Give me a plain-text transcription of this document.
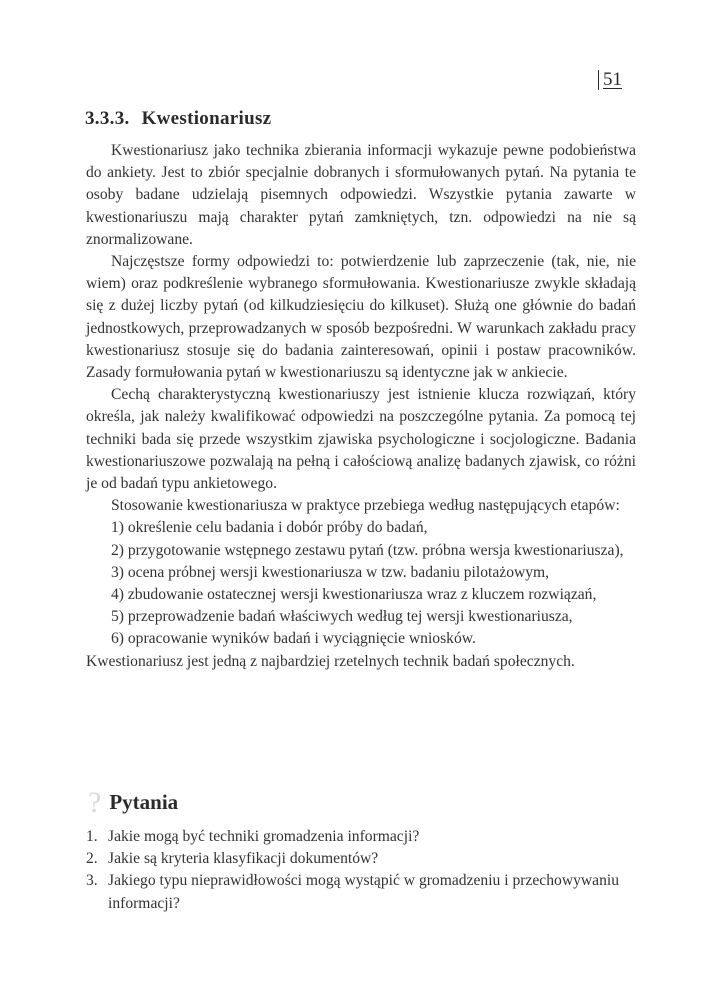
51
3.3.3. Kwestionariusz

Kwestionariusz jako technika zbierania informacji wykazuje pewne podobieństwa do ankiety. Jest to zbiór specjalnie dobranych i sformułowanych pytań. Na pytania te osoby badane udzielają pisemnych odpowiedzi. Wszystkie pytania zawarte w kwestionariuszu mają charakter pytań zamkniętych, tzn. odpowiedzi na nie są znormalizowane.

Najczęstsze formy odpowiedzi to: potwierdzenie lub zaprzeczenie (tak, nie, nie wiem) oraz podkreślenie wybranego sformułowania. Kwestionariusze zwykle składają się z dużej liczby pytań (od kilkudziesięciu do kilkuset). Służą one głównie do badań jednostkowych, przeprowadzanych w sposób bezpośredni. W warunkach zakładu pracy kwestionariusz stosuje się do badania zainteresowań, opinii i postaw pracowników. Zasady formułowania pytań w kwestionariuszu są identyczne jak w ankiecie.

Cechą charakterystyczną kwestionariuszy jest istnienie klucza rozwiązań, który określa, jak należy kwalifikować odpowiedzi na poszczególne pytania. Za pomocą tej techniki bada się przede wszystkim zjawiska psychologiczne i socjologiczne. Badania kwestionariuszowe pozwalają na pełną i całościową analizę badanych zjawisk, co różni je od badań typu ankietowego.

Stosowanie kwestionariusza w praktyce przebiega według następujących etapów:

1) określenie celu badania i dobór próby do badań,
2) przygotowanie wstępnego zestawu pytań (tzw. próbna wersja kwestionariusza),
3) ocena próbnej wersji kwestionariusza w tzw. badaniu pilotażowym,
4) zbudowanie ostatecznej wersji kwestionariusza wraz z kluczem rozwiązań,
5) przeprowadzenie badań właściwych według tej wersji kwestionariusza,
6) opracowanie wyników badań i wyciągnięcie wniosków.

Kwestionariusz jest jedną z najbardziej rzetelnych technik badań społecznych.

? Pytania
1. Jakie mogą być techniki gromadzenia informacji?
2. Jakie są kryteria klasyfikacji dokumentów?
3. Jakiego typu nieprawidłowości mogą wystąpić w gromadzeniu i przechowywaniu informacji?
